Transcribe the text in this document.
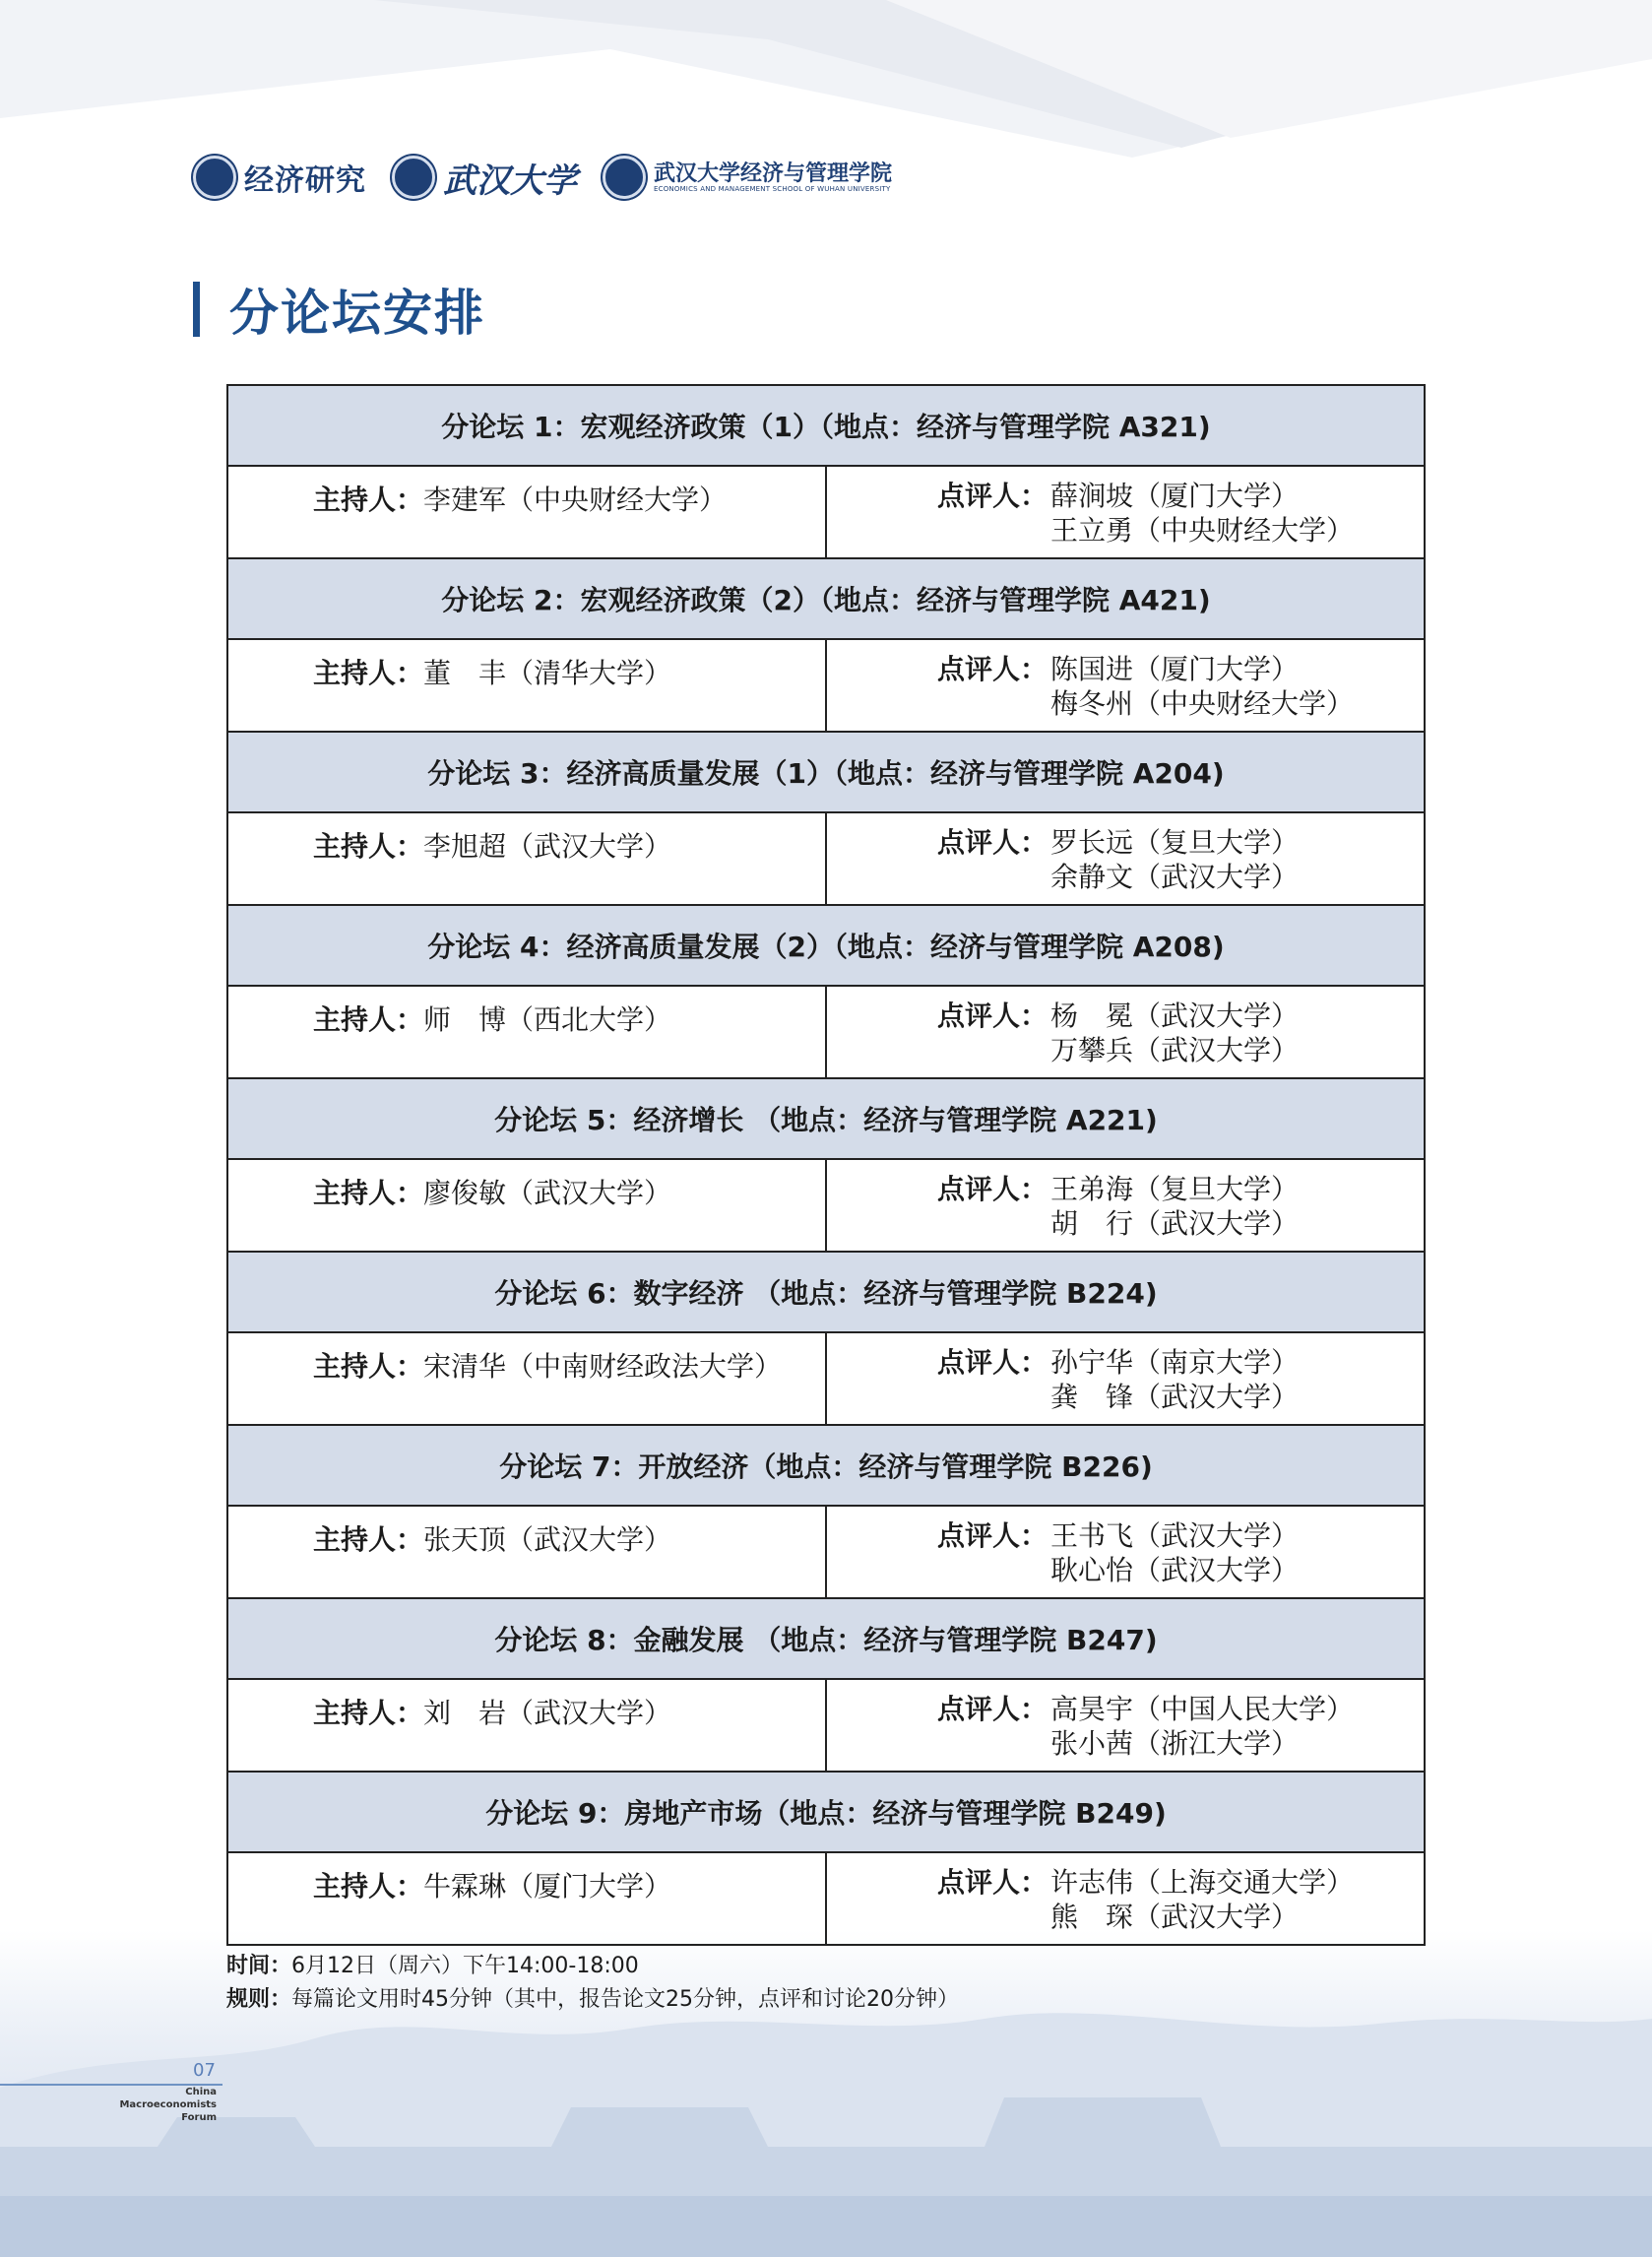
经济研究 武汉大学	武汉大学经济与管理学院
ECONOMICS AND MANAGEMENT SCHOOL OF WUHAN UNIVERSITY
分论坛安排
分论坛 1：宏观经济政策（1）（地点：经济与管理学院 A321)	

主持人：李建军（中央财经大学）	点评人： 薛涧坡（厦门大学）
王立勇（中央财经大学）

分论坛 2：宏观经济政策（2）（地点：经济与管理学院 A421)	

主持人：董　丰（清华大学）	点评人： 陈国进（厦门大学）
梅冬州（中央财经大学）

分论坛 3：经济高质量发展（1）（地点：经济与管理学院 A204)	

主持人：李旭超（武汉大学）	点评人： 罗长远（复旦大学）
余静文（武汉大学）

分论坛 4：经济高质量发展（2）（地点：经济与管理学院 A208)	

主持人：师　博（西北大学）	点评人： 杨　冕（武汉大学）
万攀兵（武汉大学）

分论坛 5：经济增长 （地点：经济与管理学院 A221)	

主持人：廖俊敏（武汉大学）	点评人： 王弟海（复旦大学）
胡　行（武汉大学）

分论坛 6：数字经济 （地点：经济与管理学院 B224)	

主持人：宋清华（中南财经政法大学）	点评人： 孙宁华（南京大学）
龚　锋（武汉大学）

分论坛 7：开放经济（地点：经济与管理学院 B226)	

主持人：张天顶（武汉大学）	点评人： 王书飞（武汉大学）
耿心怡（武汉大学）

分论坛 8：金融发展 （地点：经济与管理学院 B247)	

主持人：刘　岩（武汉大学）	点评人： 高昊宇（中国人民大学）
张小茜（浙江大学）

分论坛 9：房地产市场（地点：经济与管理学院 B249)	

主持人：牛霖琳（厦门大学）	点评人： 许志伟（上海交通大学）
熊　琛（武汉大学）
时间：6月12日（周六）下午14:00-18:00
规则：每篇论文用时45分钟（其中，报告论文25分钟，点评和讨论20分钟）
07
China
Macroeconomists
Forum
